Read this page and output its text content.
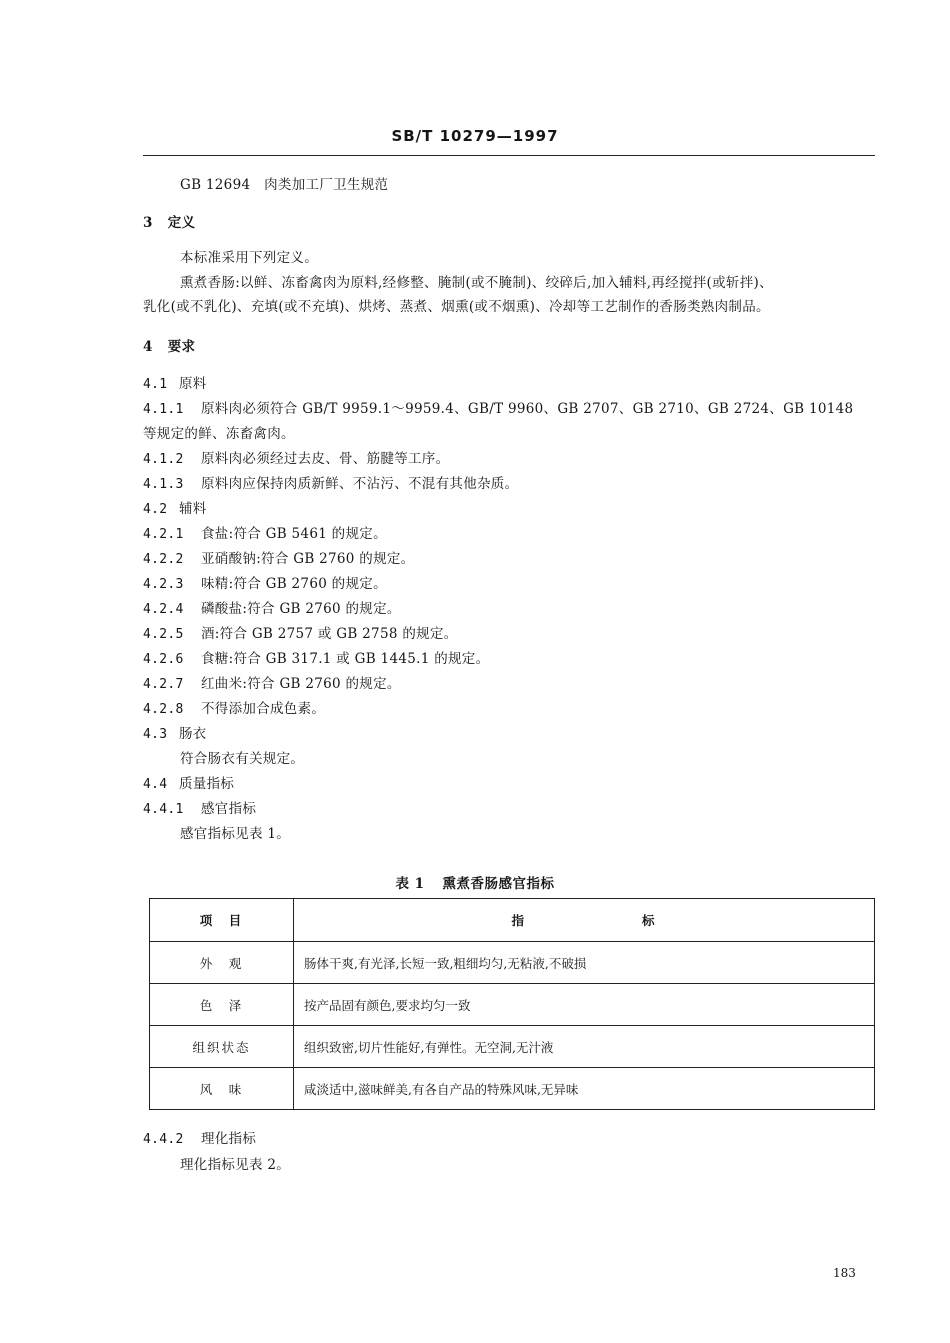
SB/T 10279—1997
GB 12694 肉类加工厂卫生规范
3 定义
本标准采用下列定义。
熏煮香肠:以鲜、冻畜禽肉为原料,经修整、腌制(或不腌制)、绞碎后,加入辅料,再经搅拌(或斩拌)、
乳化(或不乳化)、充填(或不充填)、烘烤、蒸煮、烟熏(或不烟熏)、冷却等工艺制作的香肠类熟肉制品。
4 要求
4.1 原料
4.1.1 原料肉必须符合 GB/T 9959.1～9959.4、GB/T 9960、GB 2707、GB 2710、GB 2724、GB 10148
等规定的鲜、冻畜禽肉。
4.1.2 原料肉必须经过去皮、骨、筋腱等工序。
4.1.3 原料肉应保持肉质新鲜、不沾污、不混有其他杂质。
4.2 辅料
4.2.1 食盐:符合 GB 5461 的规定。
4.2.2 亚硝酸钠:符合 GB 2760 的规定。
4.2.3 味精:符合 GB 2760 的规定。
4.2.4 磷酸盐:符合 GB 2760 的规定。
4.2.5 酒:符合 GB 2757 或 GB 2758 的规定。
4.2.6 食糖:符合 GB 317.1 或 GB 1445.1 的规定。
4.2.7 红曲米:符合 GB 2760 的规定。
4.2.8 不得添加合成色素。
4.3 肠衣
符合肠衣有关规定。
4.4 质量指标
4.4.1 感官指标
感官指标见表 1。
表 1 熏煮香肠感官指标
项　目	指　　　　　　　　标
外　观	肠体干爽,有光泽,长短一致,粗细均匀,无粘液,不破损
色　泽	按产品固有颜色,要求均匀一致
组织状态	组织致密,切片性能好,有弹性。无空洞,无汁液
风　味	咸淡适中,滋味鲜美,有各自产品的特殊风味,无异味
4.4.2 理化指标
理化指标见表 2。
183
